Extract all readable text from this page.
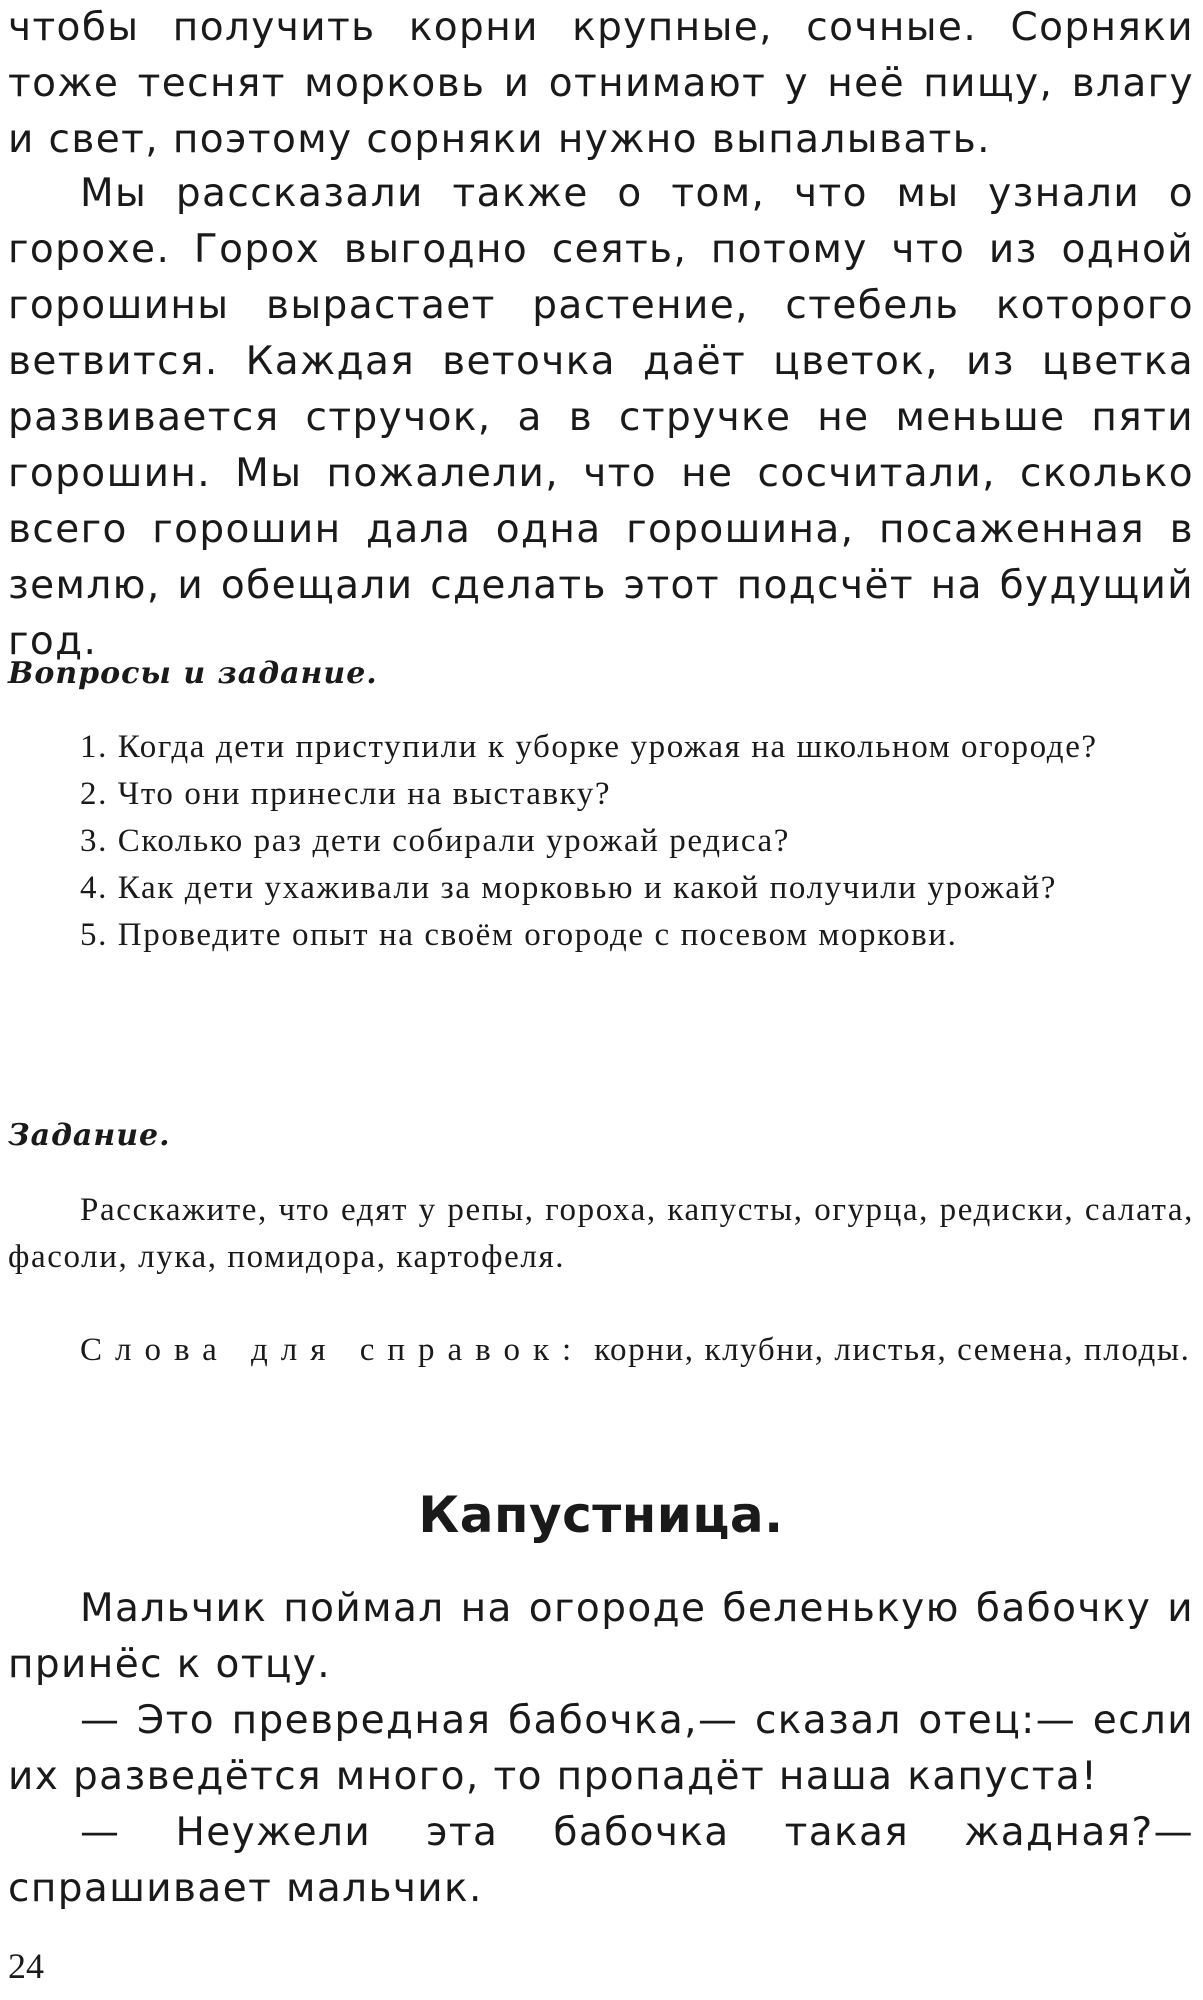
чтобы получить корни крупные, сочные. Сорняки тоже теснят морковь и отнимают у неё пищу, влагу и свет, поэтому сорняки нужно выпалывать.

Мы рассказали также о том, что мы узнали о горохе. Горох выгодно сеять, потому что из одной горошины вырастает растение, стебель которого ветвится. Каждая веточка даёт цветок, из цветка развивается стручок, а в стручке не меньше пяти горошин. Мы пожалели, что не сосчитали, сколько всего горошин дала одна горошина, посаженная в землю, и обещали сделать этот подсчёт на будущий год.

Вопросы и задание.

1. Когда дети приступили к уборке урожая на школьном огороде?

2. Что они принесли на выставку?

3. Сколько раз дети собирали урожай редиса?

4. Как дети ухаживали за морковью и какой получили урожай?

5. Проведите опыт на своём огороде с посевом моркови.

Задание.

Расскажите, что едят у репы, гороха, капусты, огурца, редиски, салата, фасоли, лука, помидора, картофеля.

Слова для справок: корни, клубни, листья, семена, плоды.

Капустница.

Мальчик поймал на огороде беленькую бабочку и принёс к отцу.

— Это превредная бабочка,— сказал отец:— если их разведётся много, то пропадёт наша капуста!

— Неужели эта бабочка такая жадная?— спрашивает мальчик.

24
